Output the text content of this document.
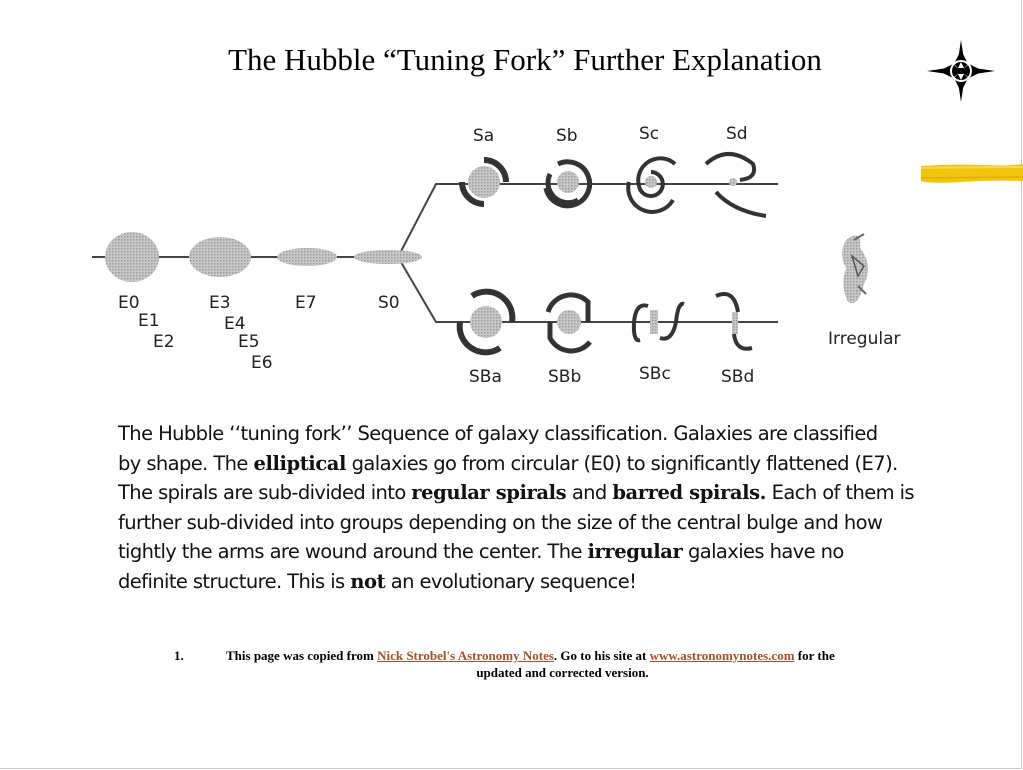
The Hubble “Tuning Fork” Further Explanation
Sa	Sb	Sc	Sd
E0
E1
E2
E3
E4
E5
E6
E7	S0
SBa	SBb	SBc	SBd
Irregular
The Hubble ‘‘tuning fork’’ Sequence of galaxy classification. Galaxies are classified
by shape. The elliptical galaxies go from circular (E0) to significantly flattened (E7).
The spirals are sub-divided into regular spirals and barred spirals. Each of them is
further sub-divided into groups depending on the size of the central bulge and how
tightly the arms are wound around the center. The irregular galaxies have no
definite structure. This is not an evolutionary sequence!
1.	This page was copied from Nick Strobel's Astronomy Notes. Go to his site at www.astronomynotes.com for the
updated and corrected version.
